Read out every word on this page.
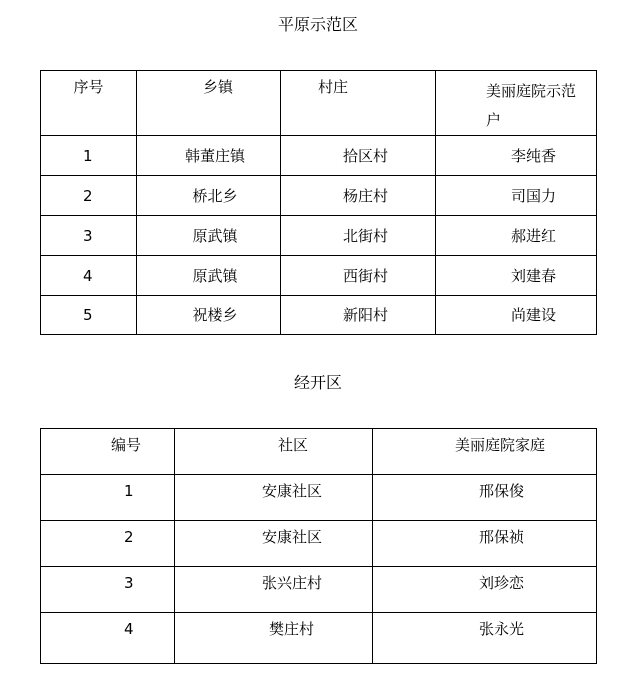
平原示范区
序号	乡镇	村庄	美丽庭院示范户

1	韩董庄镇	拾区村	李纯香
2	桥北乡	杨庄村	司国力
3	原武镇	北街村	郝进红
4	原武镇	西街村	刘建春
5	祝楼乡	新阳村	尚建设
经开区
编号	社区	美丽庭院家庭
1	安康社区	邢保俊
2	安康社区	邢保祯
3	张兴庄村	刘珍恋
4	樊庄村	张永光
